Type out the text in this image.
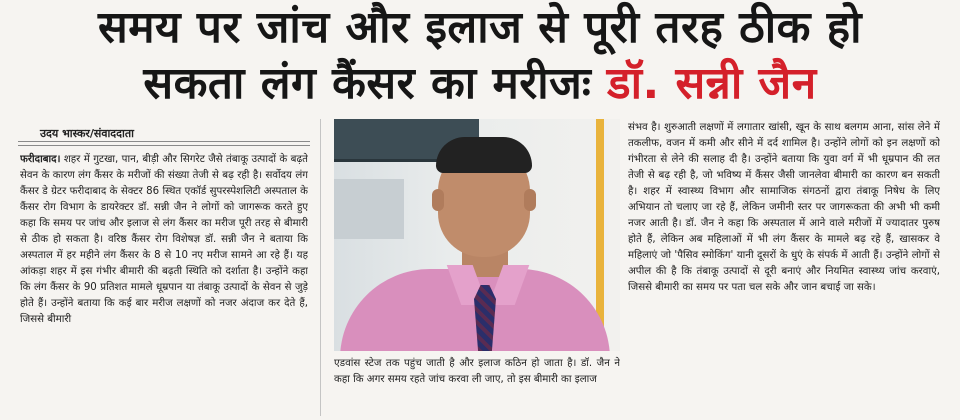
समय पर जांच और इलाज से पूरी तरह ठीक हो
सकता लंग कैंसर का मरीजः डॉ. सन्नी जैन
उदय भास्कर/संवाददाता
फरीदाबाद। शहर में गुटखा, पान, बीड़ी और सिगरेट जैसे तंबाकू उत्पादों के बढ़ते सेवन के कारण लंग कैंसर के मरीजों की संख्या तेजी से बढ़ रही है। सर्वोदय लंग कैंसर डे ग्रेटर फरीदाबाद के सेक्टर 86 स्थित एकॉर्ड सुपरस्पेशलिटी अस्पताल के कैंसर रोग विभाग के डायरेक्टर डॉ. सन्नी जैन ने लोगों को जागरूक करते हुए कहा कि समय पर जांच और इलाज से लंग कैंसर का मरीज पूरी तरह से बीमारी से ठीक हो सकता है। वरिष्ठ कैंसर रोग विशेषज्ञ डॉ. सन्नी जैन ने बताया कि अस्पताल में हर महीने लंग कैंसर के 8 से 10 नए मरीज सामने आ रहे हैं। यह आंकड़ा शहर में इस गंभीर बीमारी की बढ़ती स्थिति को दर्शाता है। उन्होंने कहा कि लंग कैंसर के 90 प्रतिशत मामले धूम्रपान या तंबाकू उत्पादों के सेवन से जुड़े होते हैं। उन्होंने बताया कि कई बार मरीज लक्षणों को नजर अंदाज कर देते हैं, जिससे बीमारी
एडवांस स्टेज तक पहुंच जाती है और इलाज कठिन हो जाता है। डॉ. जैन ने कहा कि अगर समय रहते जांच करवा ली जाए, तो इस बीमारी का इलाज
संभव है। शुरुआती लक्षणों में लगातार खांसी, खून के साथ बलगम आना, सांस लेने में तकलीफ, वजन में कमी और सीने में दर्द शामिल है। उन्होंने लोगों को इन लक्षणों को गंभीरता से लेने की सलाह दी है। उन्होंने बताया कि युवा वर्ग में भी धूम्रपान की लत तेजी से बढ़ रही है, जो भविष्य में कैंसर जैसी जानलेवा बीमारी का कारण बन सकती है। शहर में स्वास्थ्य विभाग और सामाजिक संगठनों द्वारा तंबाकू निषेध के लिए अभियान तो चलाए जा रहे हैं, लेकिन जमीनी स्तर पर जागरूकता की अभी भी कमी नजर आती है। डॉ. जैन ने कहा कि अस्पताल में आने वाले मरीजों में ज्यादातर पुरुष होते हैं, लेकिन अब महिलाओं में भी लंग कैंसर के मामले बढ़ रहे हैं, खासकर वे महिलाएं जो 'पैसिव स्मोकिंग' यानी दूसरों के धुएं के संपर्क में आती हैं। उन्होंने लोगों से अपील की है कि तंबाकू उत्पादों से दूरी बनाएं और नियमित स्वास्थ्य जांच करवाएं, जिससे बीमारी का समय पर पता चल सके और जान बचाई जा सके।
